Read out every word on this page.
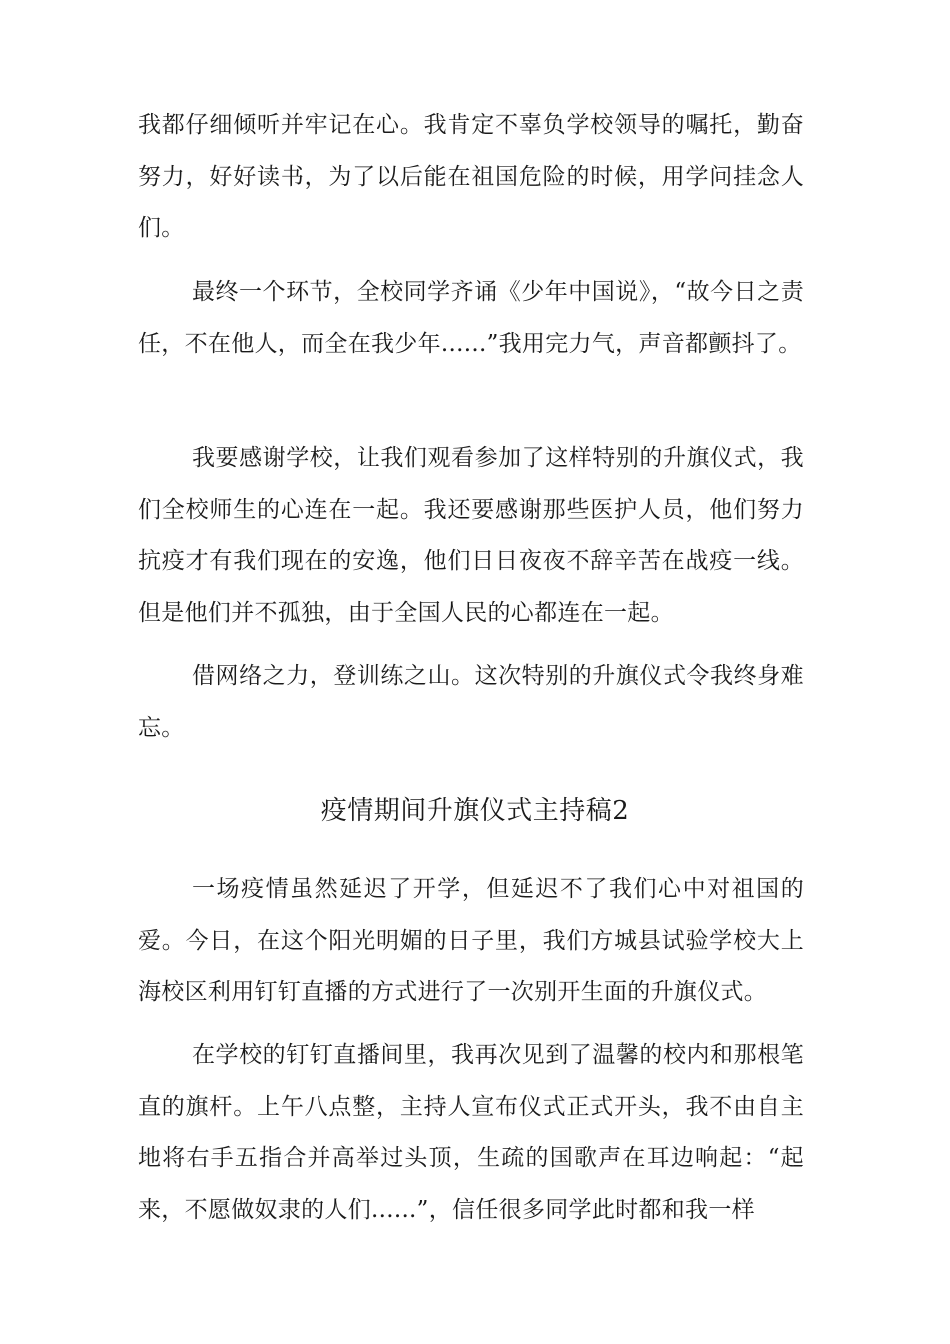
我都仔细倾听并牢记在心。我肯定不辜负学校领导的嘱托，勤奋努力，好好读书，为了以后能在祖国危险的时候，用学问挂念人们。

最终一个环节，全校同学齐诵《少年中国说》，“故今日之责任，不在他人，而全在我少年......”我用完力气，声音都颤抖了。

我要感谢学校，让我们观看参加了这样特别的升旗仪式，我们全校师生的心连在一起。我还要感谢那些医护人员，他们努力抗疫才有我们现在的安逸，他们日日夜夜不辞辛苦在战疫一线。但是他们并不孤独，由于全国人民的心都连在一起。

借网络之力，登训练之山。这次特别的升旗仪式令我终身难忘。

疫情期间升旗仪式主持稿2

一场疫情虽然延迟了开学，但延迟不了我们心中对祖国的爱。今日，在这个阳光明媚的日子里，我们方城县试验学校大上海校区利用钉钉直播的方式进行了一次别开生面的升旗仪式。

在学校的钉钉直播间里，我再次见到了温馨的校内和那根笔直的旗杆。上午八点整，主持人宣布仪式正式开头，我不由自主地将右手五指合并高举过头顶，生疏的国歌声在耳边响起：“起来，不愿做奴隶的人们......”，信任很多同学此时都和我一样
